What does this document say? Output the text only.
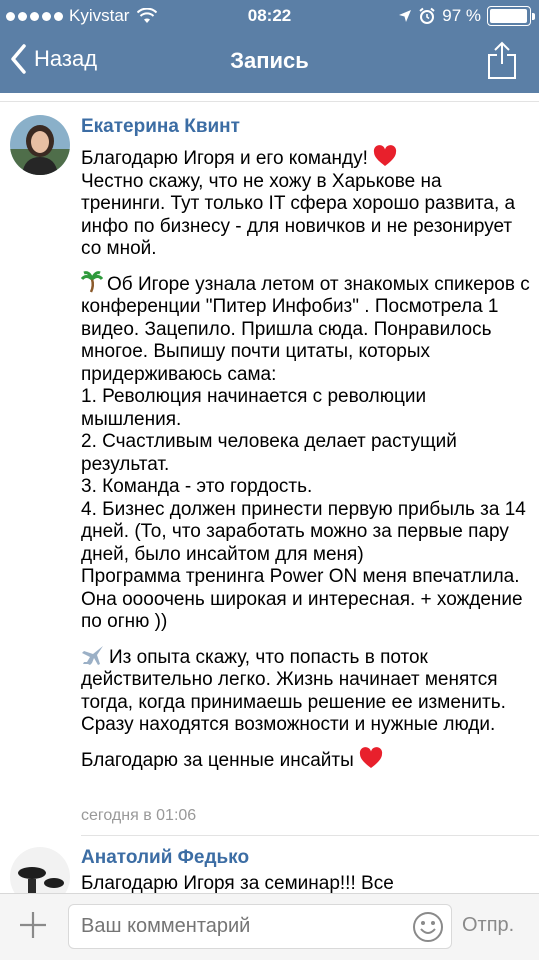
Kyivstar	08:22	97 %
Назад	Запись
Екатерина Квинт

Благодарю Игоря и его команду!
Честно скажу, что не хожу в Харькове на тренинги. Тут только IT сфера хорошо развита, а инфо по бизнесу - для новичков и не резонирует со мной.

Об Игоре узнала летом от знакомых спикеров с конференции "Питер Инфобиз" . Посмотрела 1 видео. Зацепило. Пришла сюда. Понравилось многое. Выпишу почти цитаты, которых придерживаюсь сама:
1. Революция начинается с революции мышления.
2. Счастливым человека делает растущий результат.
3. Команда - это гордость.
4. Бизнес должен принести первую прибыль за 14 дней. (То, что заработать можно за первые пару дней, было инсайтом для меня)
Программа тренинга Power ON меня впечатлила. Она оооочень широкая и интересная. + хождение по огню ))

Из опыта скажу, что попасть в поток действительно легко. Жизнь начинает менятся тогда, когда принимаешь решение ее изменить. Сразу находятся возможности и нужные люди.

Благодарю за ценные инсайты

сегодня в 01:06
Анатолий Федько
Благодарю Игоря за семинар!!! Все
Ваш комментарий
Отпр.
